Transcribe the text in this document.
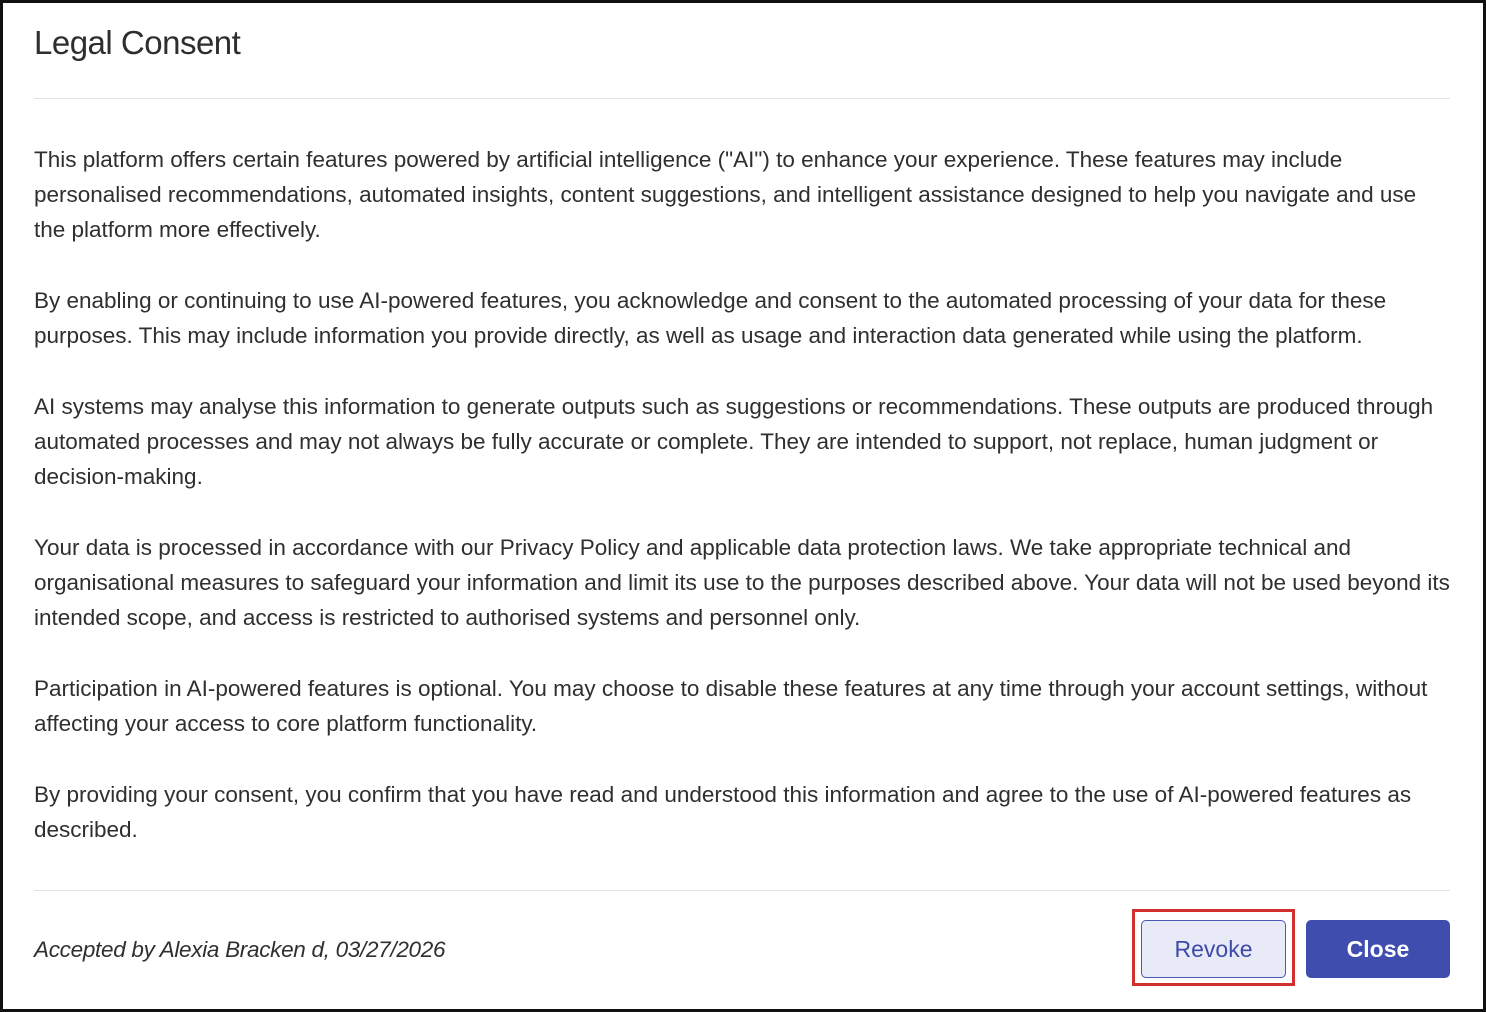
Legal Consent

This platform offers certain features powered by artificial intelligence ("AI") to enhance your experience. These features may include personalised recommendations, automated insights, content suggestions, and intelligent assistance designed to help you navigate and use the platform more effectively.

By enabling or continuing to use AI-powered features, you acknowledge and consent to the automated processing of your data for these purposes. This may include information you provide directly, as well as usage and interaction data generated while using the platform.

AI systems may analyse this information to generate outputs such as suggestions or recommendations. These outputs are produced through automated processes and may not always be fully accurate or complete. They are intended to support, not replace, human judgment or decision-making.

Your data is processed in accordance with our Privacy Policy and applicable data protection laws. We take appropriate technical and organisational measures to safeguard your information and limit its use to the purposes described above. Your data will not be used beyond its intended scope, and access is restricted to authorised systems and personnel only.

Participation in AI-powered features is optional. You may choose to disable these features at any time through your account settings, without affecting your access to core platform functionality.

By providing your consent, you confirm that you have read and understood this information and agree to the use of AI-powered features as described.

Accepted by Alexia Bracken d, 03/27/2026	Revoke	Close
